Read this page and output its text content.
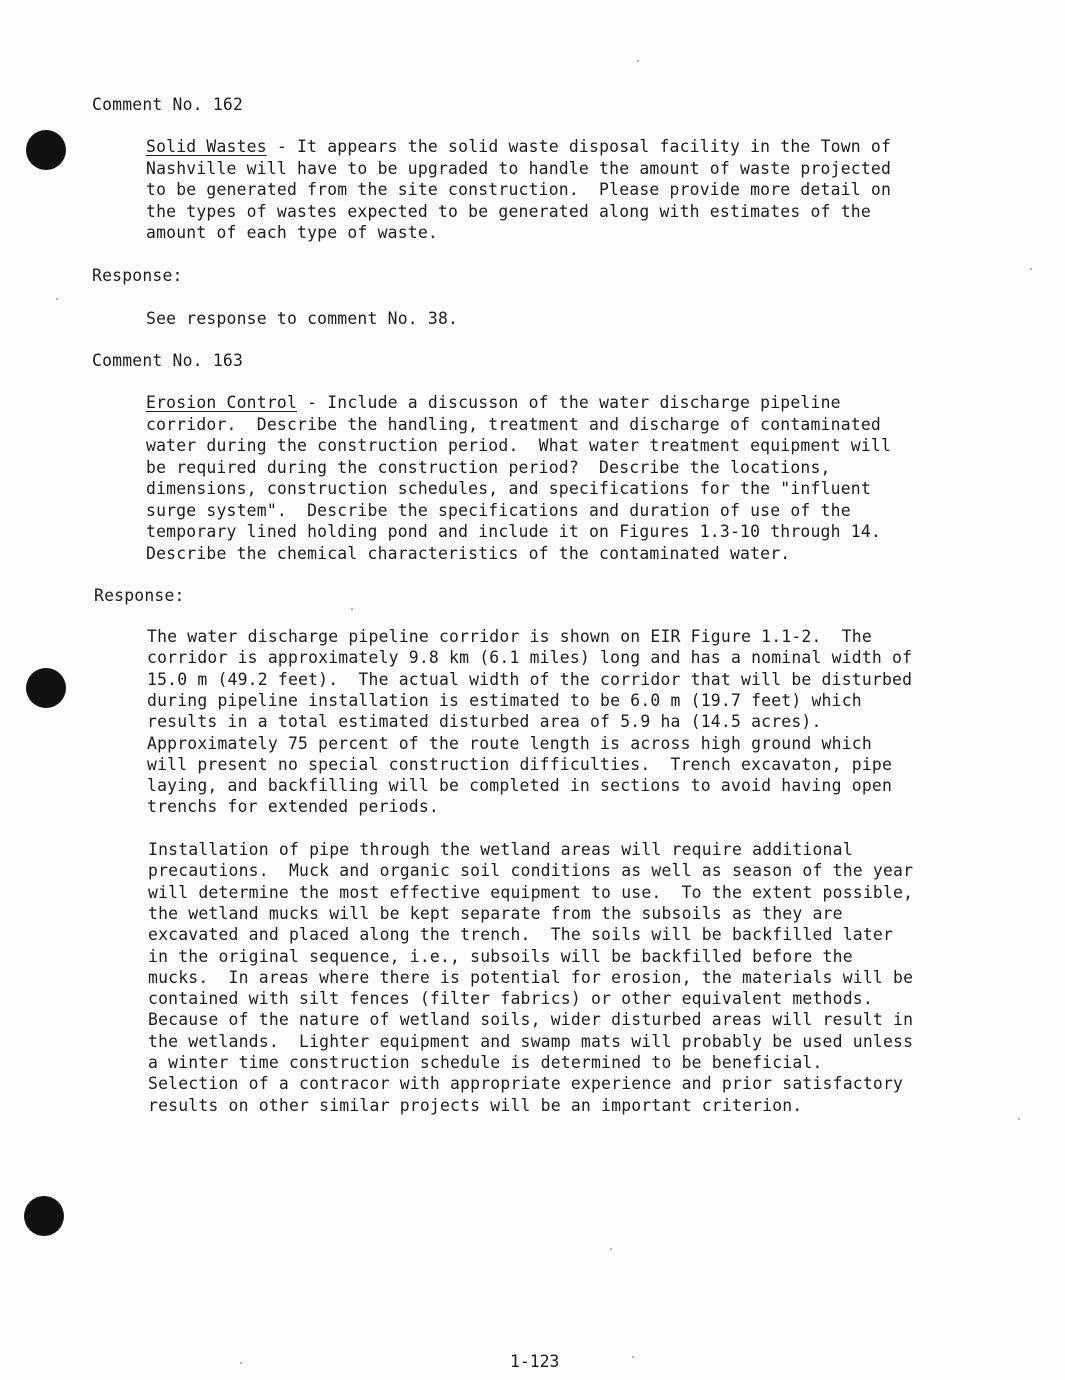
Comment No. 162
Solid Wastes - It appears the solid waste disposal facility in the Town of
Nashville will have to be upgraded to handle the amount of waste projected
to be generated from the site construction.  Please provide more detail on
the types of wastes expected to be generated along with estimates of the
amount of each type of waste.
Response:
See response to comment No. 38.
Comment No. 163
Erosion Control - Include a discusson of the water discharge pipeline
corridor.  Describe the handling, treatment and discharge of contaminated
water during the construction period.  What water treatment equipment will
be required during the construction period?  Describe the locations,
dimensions, construction schedules, and specifications for the "influent
surge system".  Describe the specifications and duration of use of the
temporary lined holding pond and include it on Figures 1.3-10 through 14.
Describe the chemical characteristics of the contaminated water.
Response:
The water discharge pipeline corridor is shown on EIR Figure 1.1-2.  The
corridor is approximately 9.8 km (6.1 miles) long and has a nominal width of
15.0 m (49.2 feet).  The actual width of the corridor that will be disturbed
during pipeline installation is estimated to be 6.0 m (19.7 feet) which
results in a total estimated disturbed area of 5.9 ha (14.5 acres).
Approximately 75 percent of the route length is across high ground which
will present no special construction difficulties.  Trench excavaton, pipe
laying, and backfilling will be completed in sections to avoid having open
trenchs for extended periods.
Installation of pipe through the wetland areas will require additional
precautions.  Muck and organic soil conditions as well as season of the year
will determine the most effective equipment to use.  To the extent possible,
the wetland mucks will be kept separate from the subsoils as they are
excavated and placed along the trench.  The soils will be backfilled later
in the original sequence, i.e., subsoils will be backfilled before the
mucks.  In areas where there is potential for erosion, the materials will be
contained with silt fences (filter fabrics) or other equivalent methods.
Because of the nature of wetland soils, wider disturbed areas will result in
the wetlands.  Lighter equipment and swamp mats will probably be used unless
a winter time construction schedule is determined to be beneficial.
Selection of a contracor with appropriate experience and prior satisfactory
results on other similar projects will be an important criterion.
1-123
